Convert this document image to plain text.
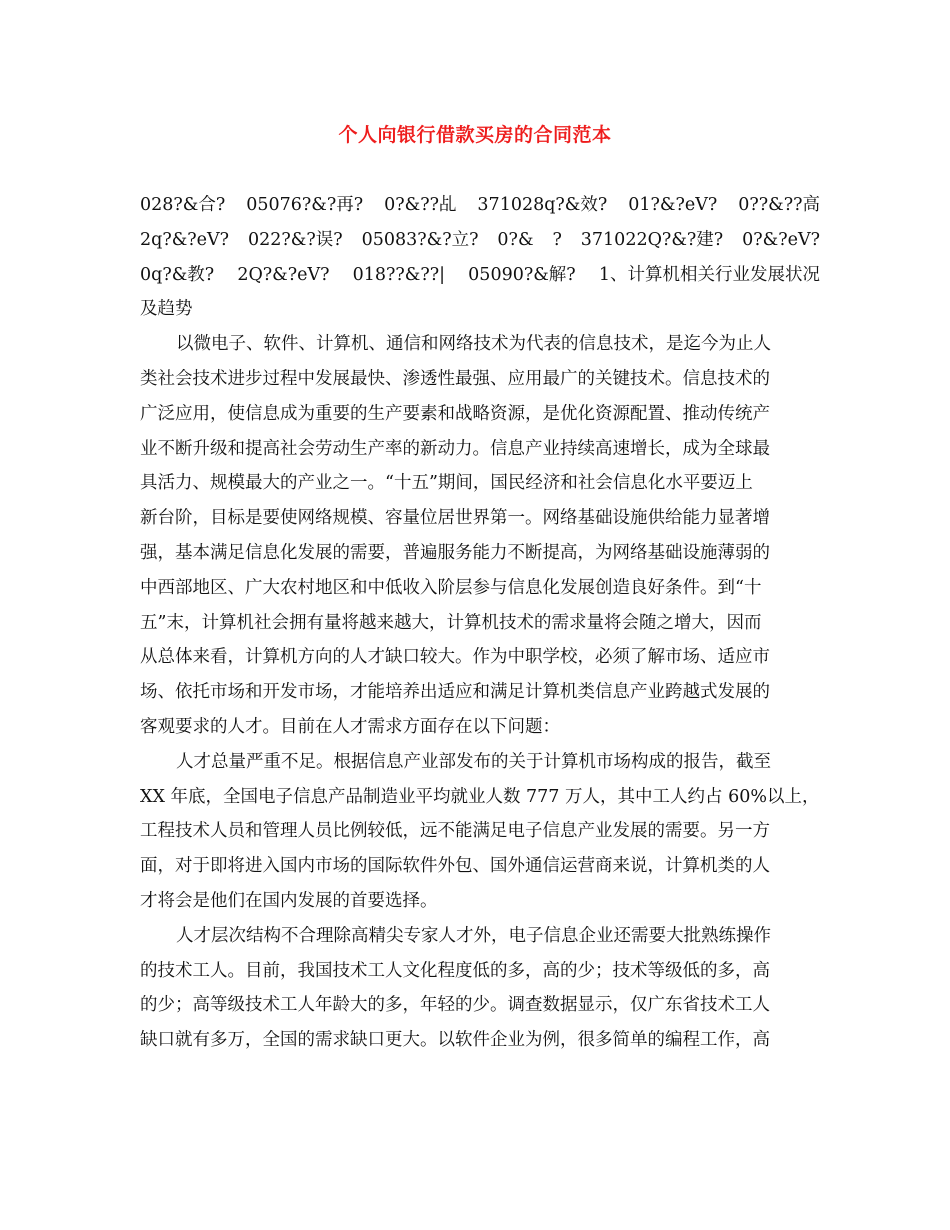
个人向银行借款买房的合同范本
028?&合? 05076?&?再? 0?&??乩 371028q?&效? 01?&?eV? 0??&??高
2q?&?eV? 022?&?误? 05083?&?立? 0?& ? 371022Q?&?建? 0?&?eV?
0q?&教? 2Q?&?eV? 018??&??| 05090?&解? 1、计算机相关行业发展状况
及趋势
以微电子、软件、计算机、通信和网络技术为代表的信息技术，是迄今为止人
类社会技术进步过程中发展最快、渗透性最强、应用最广的关键技术。信息技术的
广泛应用，使信息成为重要的生产要素和战略资源，是优化资源配置、推动传统产
业不断升级和提高社会劳动生产率的新动力。信息产业持续高速增长，成为全球最
具活力、规模最大的产业之一。“十五”期间，国民经济和社会信息化水平要迈上
新台阶，目标是要使网络规模、容量位居世界第一。网络基础设施供给能力显著增
强，基本满足信息化发展的需要，普遍服务能力不断提高，为网络基础设施薄弱的
中西部地区、广大农村地区和中低收入阶层参与信息化发展创造良好条件。到“十
五”末，计算机社会拥有量将越来越大，计算机技术的需求量将会随之增大，因而
从总体来看，计算机方向的人才缺口较大。作为中职学校，必须了解市场、适应市
场、依托市场和开发市场，才能培养出适应和满足计算机类信息产业跨越式发展的
客观要求的人才。目前在人才需求方面存在以下问题：
人才总量严重不足。根据信息产业部发布的关于计算机市场构成的报告，截至
XX 年底，全国电子信息产品制造业平均就业人数 777 万人，其中工人约占 60%以上，
工程技术人员和管理人员比例较低，远不能满足电子信息产业发展的需要。另一方
面，对于即将进入国内市场的国际软件外包、国外通信运营商来说，计算机类的人
才将会是他们在国内发展的首要选择。
人才层次结构不合理除高精尖专家人才外，电子信息企业还需要大批熟练操作
的技术工人。目前，我国技术工人文化程度低的多，高的少；技术等级低的多，高
的少；高等级技术工人年龄大的多，年轻的少。调查数据显示，仅广东省技术工人
缺口就有多万，全国的需求缺口更大。以软件企业为例，很多简单的编程工作，高
